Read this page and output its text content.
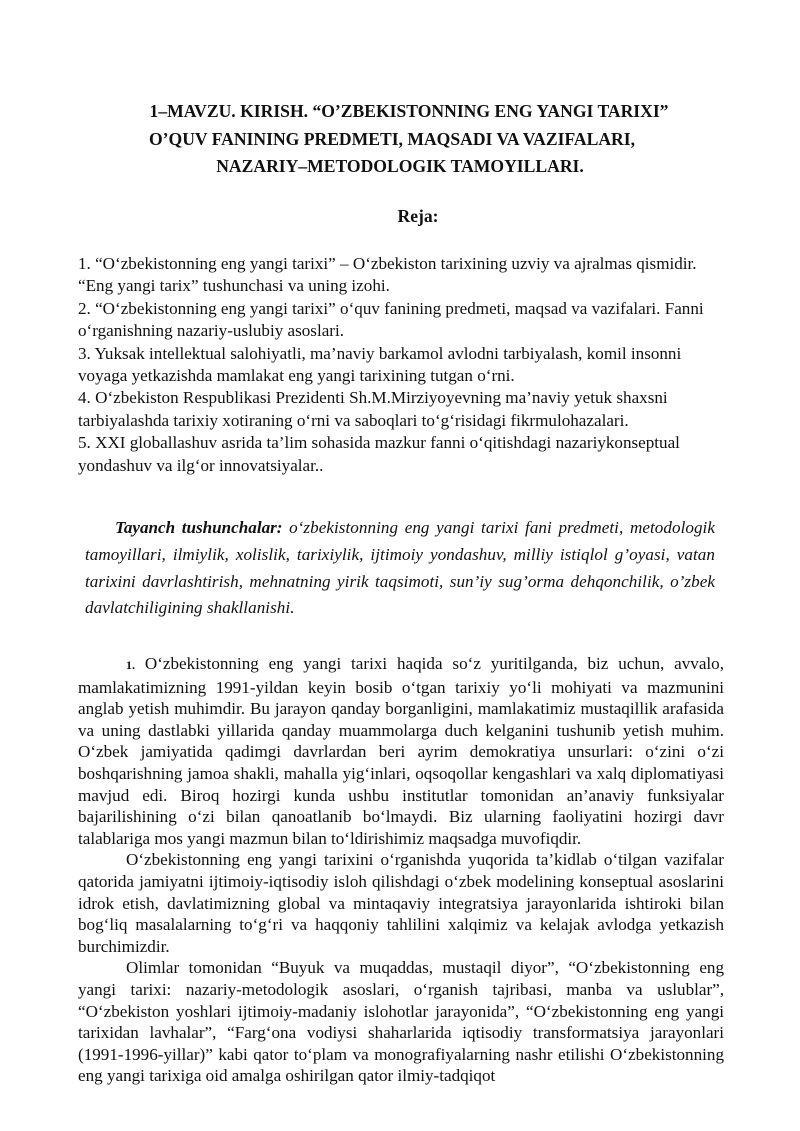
1–MAVZU. KIRISH. “O’ZBEKISTONNING ENG YANGI TARIXI”
O’QUV FANINING PREDMETI, MAQSADI VA VAZIFALARI,
NAZARIY–METODOLOGIK TAMOYILLARI.
Reja:
1. “O‘zbekistonning eng yangi tarixi” – O‘zbekiston tarixining uzviy va ajralmas qismidir. “Eng yangi tarix” tushunchasi va uning izohi.
2. “O‘zbekistonning eng yangi tarixi” o‘quv fanining predmeti, maqsad va vazifalari. Fanni o‘rganishning nazariy-uslubiy asoslari.
3. Yuksak intellektual salohiyatli, ma’naviy barkamol avlodni tarbiyalash, komil insonni voyaga yetkazishda mamlakat eng yangi tarixining tutgan o‘rni.
4. O‘zbekiston Respublikasi Prezidenti Sh.M.Mirziyoyevning ma’naviy yetuk shaxsni tarbiyalashda tarixiy xotiraning o‘rni va saboqlari to‘g‘risidagi fikrmulohazalari.
5. XXI globallashuv asrida ta’lim sohasida mazkur fanni o‘qitishdagi nazariykonseptual yondashuv va ilg‘or innovatsiyalar..
Tayanch tushunchalar: o‘zbekistonning eng yangi tarixi fani predmeti, metodologik tamoyillari, ilmiylik, xolislik, tarixiylik, ijtimoiy yondashuv, milliy istiqlol g’oyasi, vatan tarixini davrlashtirish, mehnatning yirik taqsimoti, sun’iy sug’orma dehqonchilik, o’zbek davlatchiligining shakllanishi.

1. O‘zbekistonning eng yangi tarixi haqida so‘z yuritilganda, biz uchun, avvalo, mamlakatimizning 1991-yildan keyin bosib o‘tgan tarixiy yo‘li mohiyati va mazmunini anglab yetish muhimdir. Bu jarayon qanday borganligini, mamlakatimiz mustaqillik arafasida va uning dastlabki yillarida qanday muammolarga duch kelganini tushunib yetish muhim. O‘zbek jamiyatida qadimgi davrlardan beri ayrim demokratiya unsurlari: o‘zini o‘zi boshqarishning jamoa shakli, mahalla yig‘inlari, oqsoqollar kengashlari va xalq diplomatiyasi mavjud edi. Biroq hozirgi kunda ushbu institutlar tomonidan an’anaviy funksiyalar bajarilishining o‘zi bilan qanoatlanib bo‘lmaydi. Biz ularning faoliyatini hozirgi davr talablariga mos yangi mazmun bilan to‘ldirishimiz maqsadga muvofiqdir.

O‘zbekistonning eng yangi tarixini o‘rganishda yuqorida ta’kidlab o‘tilgan vazifalar qatorida jamiyatni ijtimoiy-iqtisodiy isloh qilishdagi o‘zbek modelining konseptual asoslarini idrok etish, davlatimizning global va mintaqaviy integratsiya jarayonlarida ishtiroki bilan bog‘liq masalalarning to‘g‘ri va haqqoniy tahlilini xalqimiz va kelajak avlodga yetkazish burchimizdir.

Olimlar tomonidan “Buyuk va muqaddas, mustaqil diyor”, “O‘zbekistonning eng yangi tarixi: nazariy-metodologik asoslari, o‘rganish tajribasi, manba va uslublar”, “O‘zbekiston yoshlari ijtimoiy-madaniy islohotlar jarayonida”, “O‘zbekistonning eng yangi tarixidan lavhalar”, “Farg‘ona vodiysi shaharlarida iqtisodiy transformatsiya jarayonlari (1991-1996-yillar)” kabi qator to‘plam va monografiyalarning nashr etilishi O‘zbekistonning eng yangi tarixiga oid amalga oshirilgan qator ilmiy-tadqiqot
